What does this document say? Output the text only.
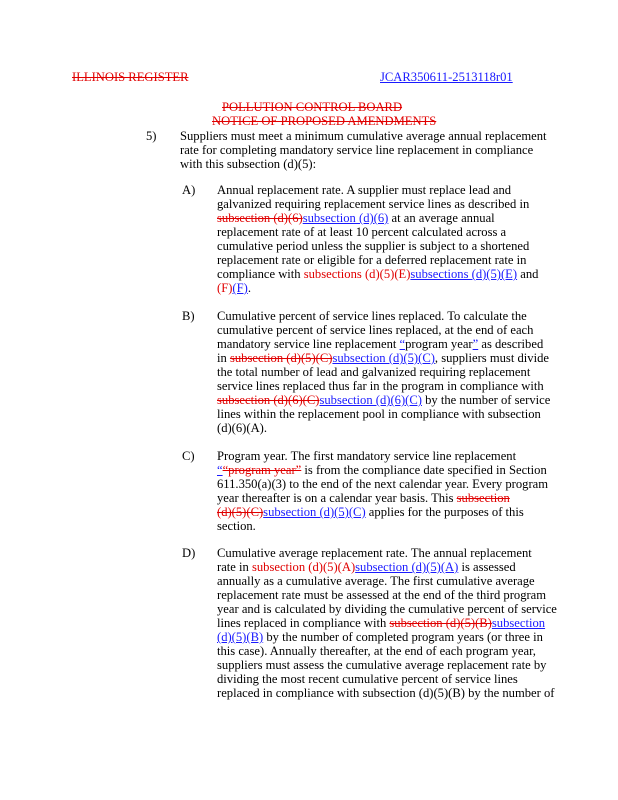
ILLINOIS REGISTER	JCAR350611-2513118r01
POLLUTION CONTROL BOARD
NOTICE OF PROPOSED AMENDMENTS
5) Suppliers must meet a minimum cumulative average annual replacement
rate for completing mandatory service line replacement in compliance
with this subsection (d)(5):
A) Annual replacement rate. A supplier must replace lead and
galvanized requiring replacement service lines as described in
subsection (d)(6)subsection (d)(6) at an average annual
replacement rate of at least 10 percent calculated across a
cumulative period unless the supplier is subject to a shortened
replacement rate or eligible for a deferred replacement rate in
compliance with subsections (d)(5)(E)subsections (d)(5)(E) and
(F)(F).
B) Cumulative percent of service lines replaced. To calculate the
cumulative percent of service lines replaced, at the end of each
mandatory service line replacement “program year” as described
in subsection (d)(5)(C)subsection (d)(5)(C), suppliers must divide
the total number of lead and galvanized requiring replacement
service lines replaced thus far in the program in compliance with
subsection (d)(6)(C)subsection (d)(6)(C) by the number of service
lines within the replacement pool in compliance with subsection
(d)(6)(A).
C) Program year. The first mandatory service line replacement
““program year” is from the compliance date specified in Section
611.350(a)(3) to the end of the next calendar year. Every program
year thereafter is on a calendar year basis. This subsection
(d)(5)(C)subsection (d)(5)(C) applies for the purposes of this
section.
D) Cumulative average replacement rate. The annual replacement
rate in subsection (d)(5)(A)subsection (d)(5)(A) is assessed
annually as a cumulative average. The first cumulative average
replacement rate must be assessed at the end of the third program
year and is calculated by dividing the cumulative percent of service
lines replaced in compliance with subsection (d)(5)(B)subsection
(d)(5)(B) by the number of completed program years (or three in
this case). Annually thereafter, at the end of each program year,
suppliers must assess the cumulative average replacement rate by
dividing the most recent cumulative percent of service lines
replaced in compliance with subsection (d)(5)(B) by the number of
